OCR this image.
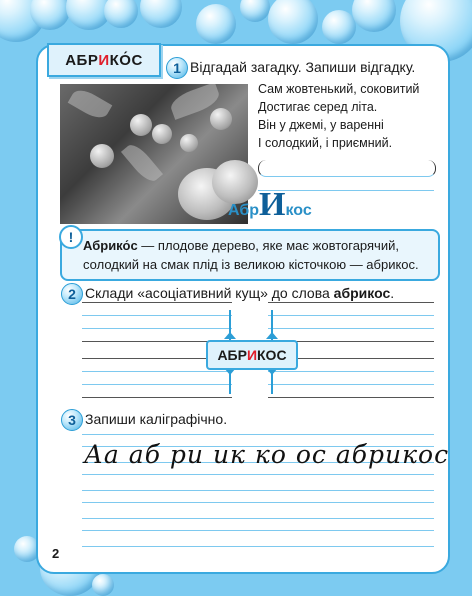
АБР И КО́С	1 Відгадай загадку. Запиши відгадку.
Сам жовтенький, соковитий
Достигає серед літа.
Він у джемі, у варенні
І солодкий, і приємний.
АбрИкос
!
Абрико́с — плодове дерево, яке має жовтогарячий, солодкий на смак плід із великою кісточкою — абрикос.
2 Склади «асоціативний кущ» до слова абрикос.
АБР И КОС
3 Запиши каліграфічно.
Аа аб ри ик ко ос абрикос
2
